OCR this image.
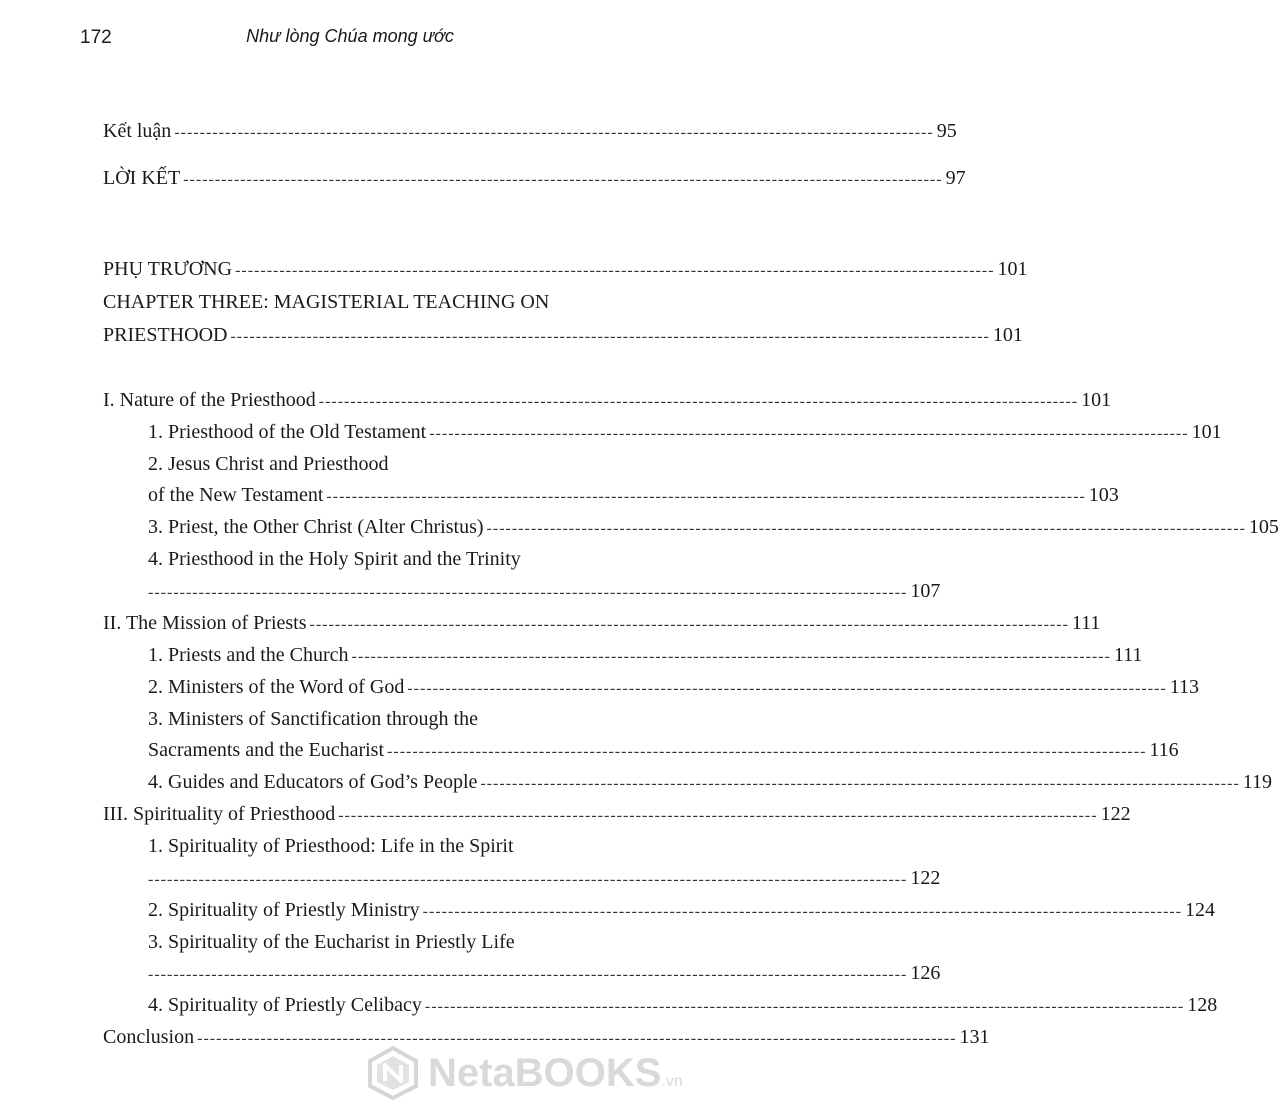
172	Như lòng Chúa mong ước
Kết luận ------------------------------------------------------------------------------------------------------------------------ 95
LỜI KẾT ------------------------------------------------------------------------------------------------------------------------ 97
PHỤ TRƯƠNG ------------------------------------------------------------------------------------------------------------------------ 101
CHAPTER THREE: MAGISTERIAL TEACHING ON
PRIESTHOOD ------------------------------------------------------------------------------------------------------------------------ 101
I. Nature of the Priesthood ------------------------------------------------------------------------------------------------------------------------ 101
1. Priesthood of the Old Testament ------------------------------------------------------------------------------------------------------------------------ 101
2. Jesus Christ and Priesthood
of the New Testament ------------------------------------------------------------------------------------------------------------------------ 103
3. Priest, the Other Christ (Alter Christus) ------------------------------------------------------------------------------------------------------------------------ 105
4. Priesthood in the Holy Spirit and the Trinity
------------------------------------------------------------------------------------------------------------------------ 107
II. The Mission of Priests ------------------------------------------------------------------------------------------------------------------------ 111
1. Priests and the Church ------------------------------------------------------------------------------------------------------------------------ 111
2. Ministers of the Word of God ------------------------------------------------------------------------------------------------------------------------ 113
3. Ministers of Sanctification through the
Sacraments and the Eucharist ------------------------------------------------------------------------------------------------------------------------ 116
4. Guides and Educators of God’s People ------------------------------------------------------------------------------------------------------------------------ 119
III. Spirituality of Priesthood ------------------------------------------------------------------------------------------------------------------------ 122
1. Spirituality of Priesthood: Life in the Spirit
------------------------------------------------------------------------------------------------------------------------ 122
2. Spirituality of Priestly Ministry ------------------------------------------------------------------------------------------------------------------------ 124
3. Spirituality of the Eucharist in Priestly Life
------------------------------------------------------------------------------------------------------------------------ 126
4. Spirituality of Priestly Celibacy ------------------------------------------------------------------------------------------------------------------------ 128
Conclusion ------------------------------------------------------------------------------------------------------------------------ 131
NetaBOOKS.vn
